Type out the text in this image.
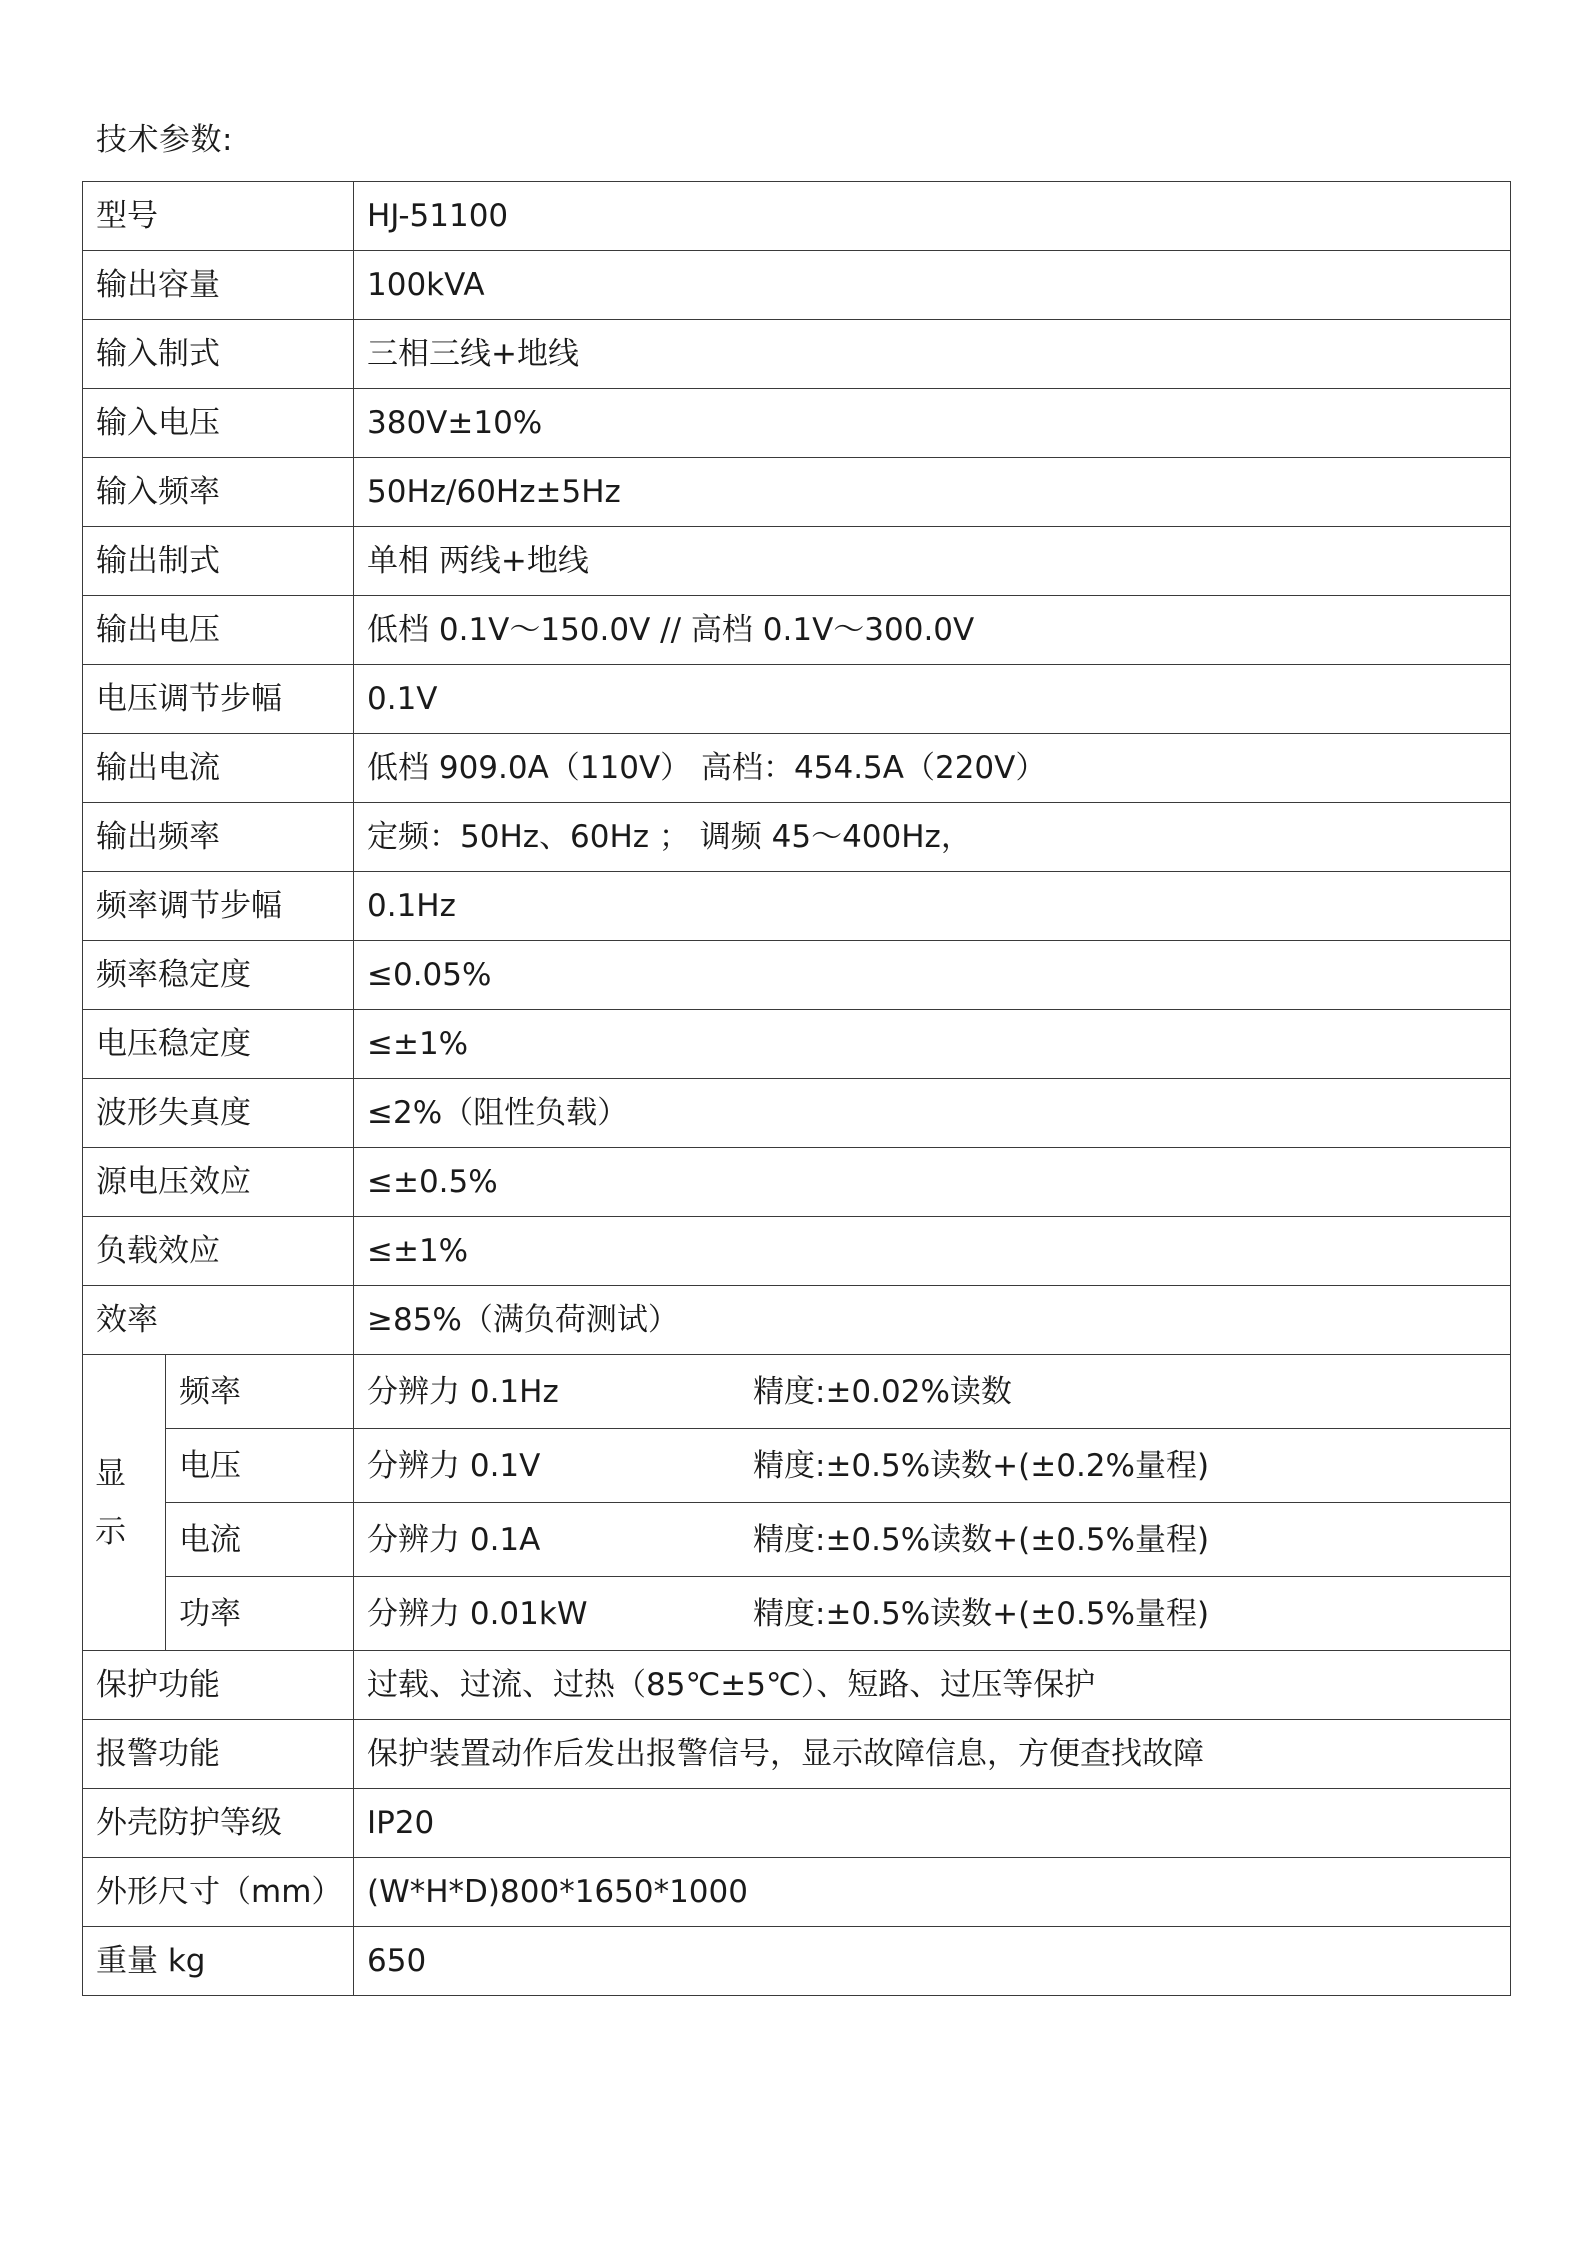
技术参数:
型号		HJ-51100
输出容量		100kVA
输入制式		三相三线+地线
输入电压		380V±10%
输入频率		50Hz/60Hz±5Hz
输出制式		单相 两线+地线
输出电压		低档 0.1V～150.0V // 高档 0.1V～300.0V
电压调节步幅		0.1V
输出电流		低档 909.0A（110V） 高档：454.5A（220V）
输出频率		定频：50Hz、60Hz ； 调频 45～400Hz，
频率调节步幅		0.1Hz
频率稳定度		≤0.05%
电压稳定度		≤±1%
波形失真度		≤2%（阻性负载）
源电压效应		≤±0.5%
负载效应		≤±1%
效率		≥85%（满负荷测试）

显
示	频率	分辨力 0.1Hz 精度:±0.02%读数
	电压	分辨力 0.1V 精度:±0.5%读数+(±0.2%量程)
	电流	分辨力 0.1A 精度:±0.5%读数+(±0.5%量程)
	功率	分辨力 0.01kW 精度:±0.5%读数+(±0.5%量程)
保护功能		过载、过流、过热（85℃±5℃）、短路、过压等保护
报警功能		保护装置动作后发出报警信号，显示故障信息，方便查找故障
外壳防护等级		IP20
外形尺寸（mm）		(W*H*D)800*1650*1000
重量 kg		650
